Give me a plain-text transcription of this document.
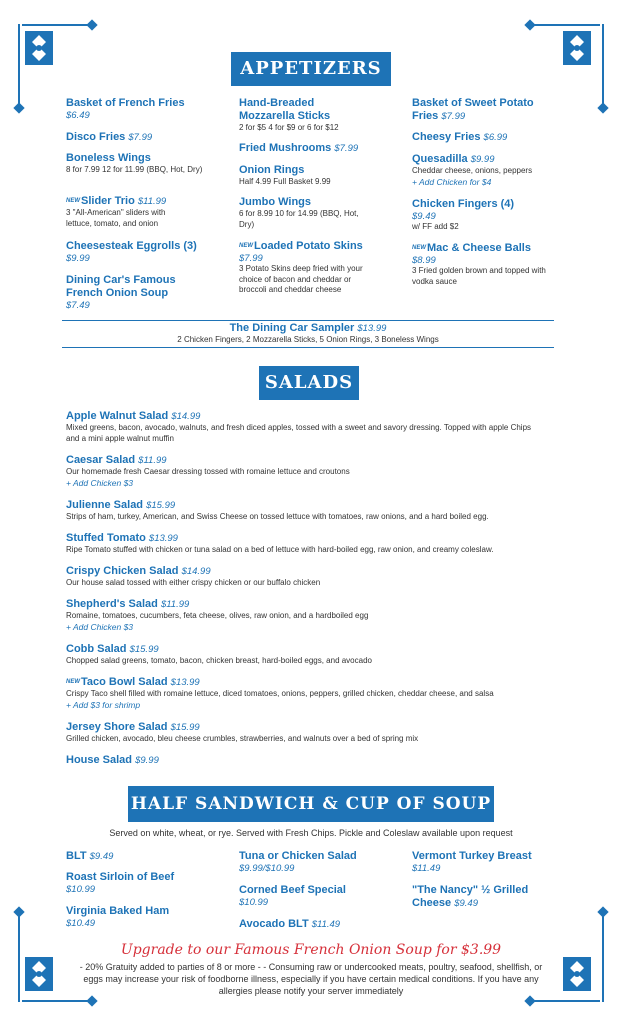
APPETIZERS
Basket of French Fries
$6.49
Disco Fries $7.99
Boneless Wings
8 for 7.99 12 for 11.99 (BBQ, Hot, Dry)
$^{NEW}$Slider Trio $11.99
3 "All-American" sliders with lettuce, tomato, and onion
Cheesesteak Eggrolls (3)
$9.99
Dining Car's Famous French Onion Soup
$7.49
Hand-Breaded Mozzarella Sticks
2 for $5 4 for $9 or 6 for $12
Fried Mushrooms $7.99
Onion Rings
Half 4.99 Full Basket 9.99
Jumbo Wings
6 for 8.99 10 for 14.99 (BBQ, Hot, Dry)
$^{NEW}$Loaded Potato Skins
$7.99
3 Potato Skins deep fried with your choice of bacon and cheddar or broccoli and cheddar cheese
Basket of Sweet Potato Fries $7.99
Cheesy Fries $6.99
Quesadilla $9.99
Cheddar cheese, onions, peppers
+ Add Chicken for $4
Chicken Fingers (4)
$9.49
w/ FF add $2
$^{NEW}$Mac & Cheese Balls
$8.99
3 Fried golden brown and topped with vodka sauce
The Dining Car Sampler $13.99
2 Chicken Fingers, 2 Mozzarella Sticks, 5 Onion Rings, 3 Boneless Wings
SALADS
Apple Walnut Salad $14.99
Mixed greens, bacon, avocado, walnuts, and fresh diced apples, tossed with a sweet and savory dressing. Topped with apple Chips and a mini apple walnut muffin
Caesar Salad $11.99
Our homemade fresh Caesar dressing tossed with romaine lettuce and croutons
+ Add Chicken $3
Julienne Salad $15.99
Strips of ham, turkey, American, and Swiss Cheese on tossed lettuce with tomatoes, raw onions, and a hard boiled egg.
Stuffed Tomato $13.99
Ripe Tomato stuffed with chicken or tuna salad on a bed of lettuce with hard-boiled egg, raw onion, and creamy coleslaw.
Crispy Chicken Salad $14.99
Our house salad tossed with either crispy chicken or our buffalo chicken
Shepherd's Salad $11.99
Romaine, tomatoes, cucumbers, feta cheese, olives, raw onion, and a hardboiled egg
+ Add Chicken $3
Cobb Salad $15.99
Chopped salad greens, tomato, bacon, chicken breast, hard-boiled eggs, and avocado
$^{NEW}$Taco Bowl Salad $13.99
Crispy Taco shell filled with romaine lettuce, diced tomatoes, onions, peppers, grilled chicken, cheddar cheese, and salsa
+ Add $3 for shrimp
Jersey Shore Salad $15.99
Grilled chicken, avocado, bleu cheese crumbles, strawberries, and walnuts over a bed of spring mix
House Salad $9.99
HALF SANDWICH & CUP OF SOUP
Served on white, wheat, or rye. Served with Fresh Chips. Pickle and Coleslaw available upon request
BLT $9.49
Roast Sirloin of Beef
$10.99
Virginia Baked Ham
$10.49
Tuna or Chicken Salad
$9.99/$10.99
Corned Beef Special
$10.99
Avocado BLT $11.49
Vermont Turkey Breast
$11.49
"The Nancy" ½ Grilled Cheese $9.49
Upgrade to our Famous French Onion Soup for $3.99
- 20% Gratuity added to parties of 8 or more - - Consuming raw or undercooked meats, poultry, seafood, shellfish, or eggs may increase your risk of foodborne illness, especially if you have certain medical conditions. If you have any allergies please notify your server immediately
